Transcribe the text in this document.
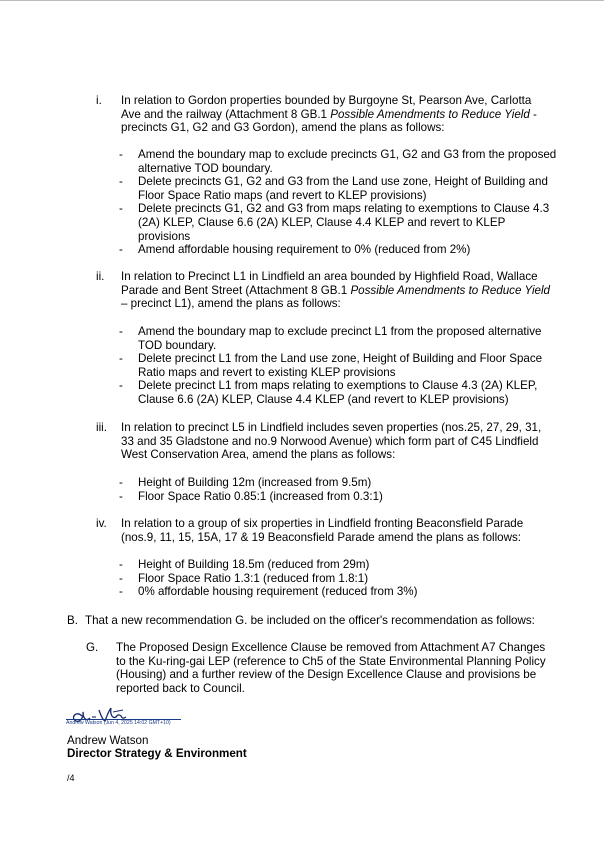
i. In relation to Gordon properties bounded by Burgoyne St, Pearson Ave, Carlotta Ave and the railway (Attachment 8 GB.1 Possible Amendments to Reduce Yield - precincts G1, G2 and G3 Gordon), amend the plans as follows:
- Amend the boundary map to exclude precincts G1, G2 and G3 from the proposed alternative TOD boundary.
- Delete precincts G1, G2 and G3 from the Land use zone, Height of Building and Floor Space Ratio maps (and revert to KLEP provisions)
- Delete precincts G1, G2 and G3 from maps relating to exemptions to Clause 4.3 (2A) KLEP, Clause 6.6 (2A) KLEP, Clause 4.4 KLEP and revert to KLEP provisions
- Amend affordable housing requirement to 0% (reduced from 2%)
ii. In relation to Precinct L1 in Lindfield an area bounded by Highfield Road, Wallace Parade and Bent Street (Attachment 8 GB.1 Possible Amendments to Reduce Yield – precinct L1), amend the plans as follows:
- Amend the boundary map to exclude precinct L1 from the proposed alternative TOD boundary.
- Delete precinct L1 from the Land use zone, Height of Building and Floor Space Ratio maps and revert to existing KLEP provisions
- Delete precinct L1 from maps relating to exemptions to Clause 4.3 (2A) KLEP, Clause 6.6 (2A) KLEP, Clause 4.4 KLEP (and revert to KLEP provisions)
iii. In relation to precinct L5 in Lindfield includes seven properties (nos.25, 27, 29, 31, 33 and 35 Gladstone and no.9 Norwood Avenue) which form part of C45 Lindfield West Conservation Area, amend the plans as follows:
- Height of Building 12m (increased from 9.5m)
- Floor Space Ratio 0.85:1 (increased from 0.3:1)
iv. In relation to a group of six properties in Lindfield fronting Beaconsfield Parade (nos.9, 11, 15, 15A, 17 & 19 Beaconsfield Parade amend the plans as follows:
- Height of Building 18.5m (reduced from 29m)
- Floor Space Ratio 1.3:1 (reduced from 1.8:1)
- 0% affordable housing requirement (reduced from 3%)
B. That a new recommendation G. be included on the officer's recommendation as follows:
G. The Proposed Design Excellence Clause be removed from Attachment A7 Changes to the Ku-ring-gai LEP (reference to Ch5 of the State Environmental Planning Policy (Housing) and a further review of the Design Excellence Clause and provisions be reported back to Council.
Andrew Watson (Jun 4, 2025 14:02 GMT+10)
Andrew Watson
Director Strategy & Environment
/4
